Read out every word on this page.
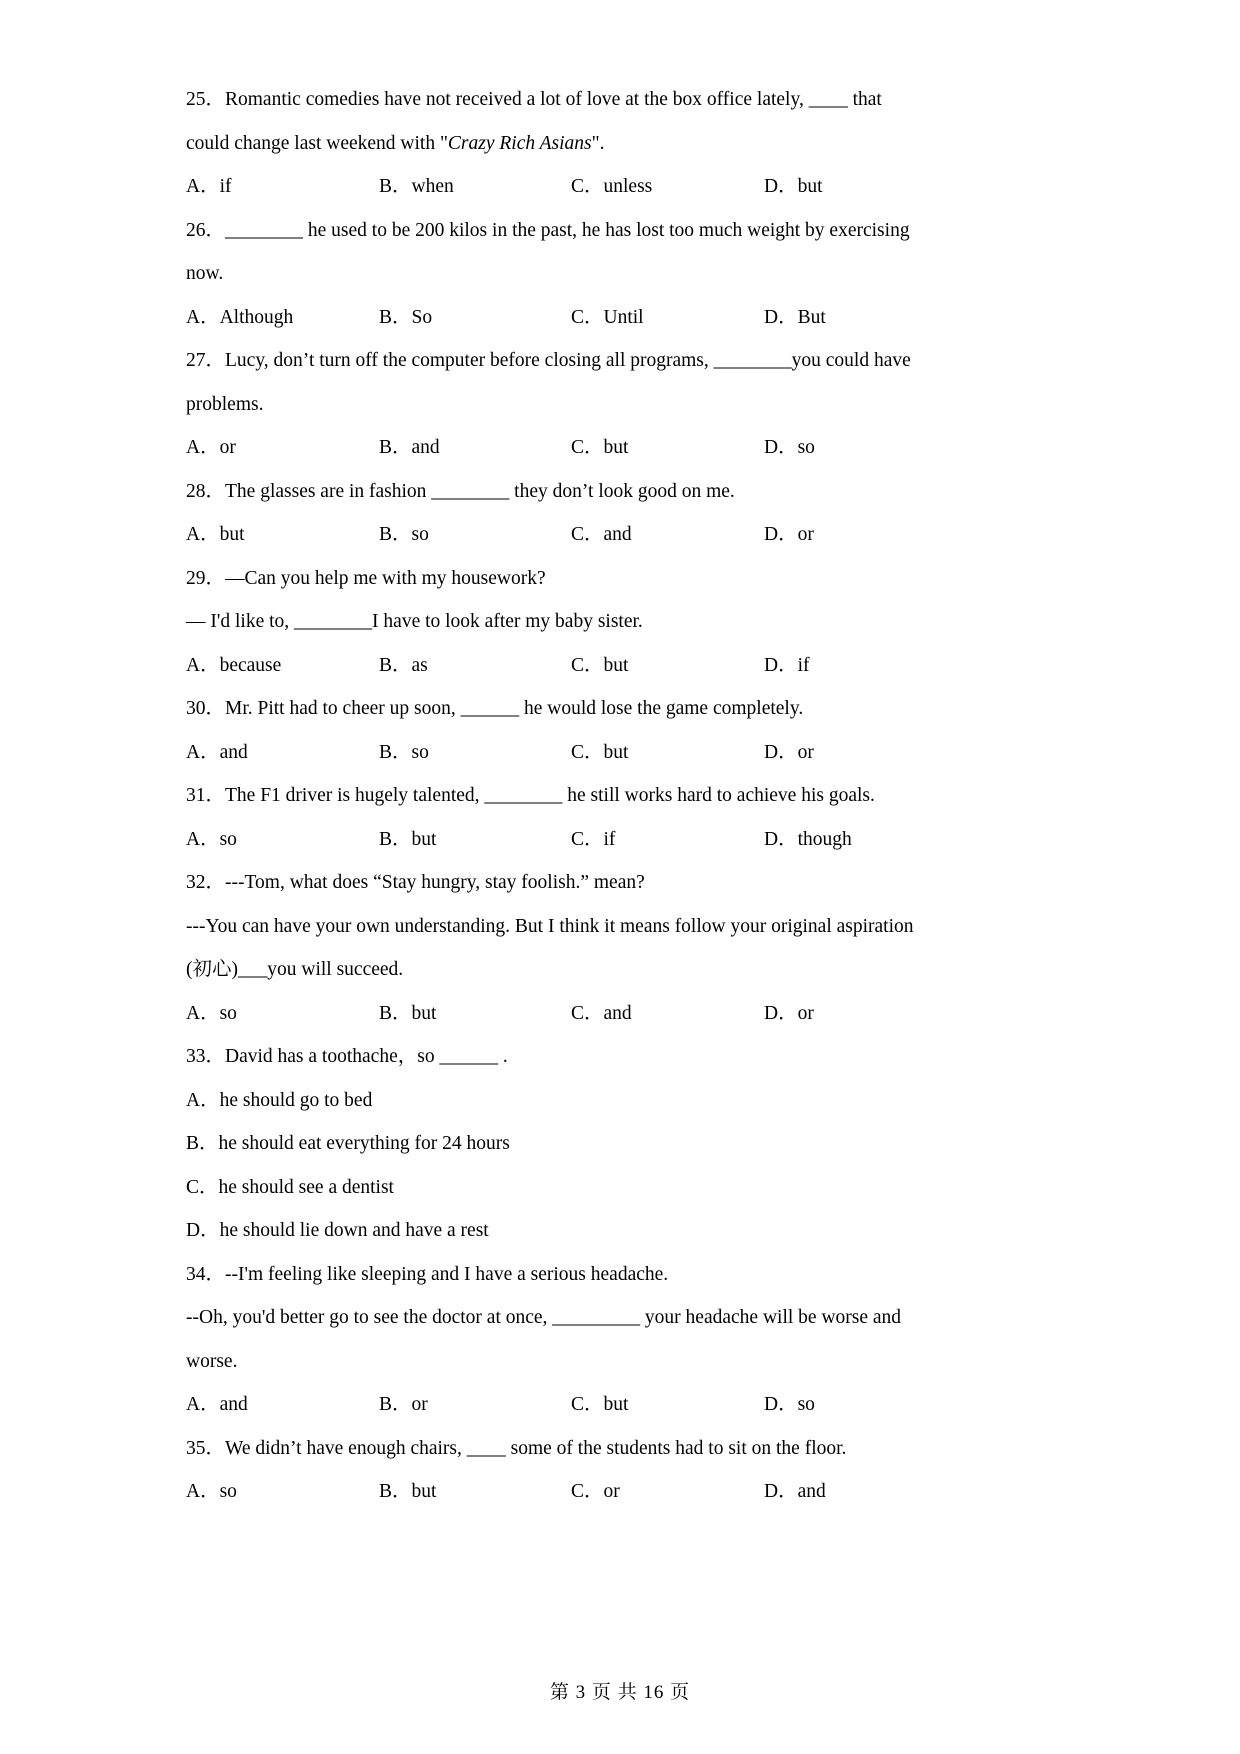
25．Romantic comedies have not received a lot of love at the box office lately, ____ that
could change last weekend with "Crazy Rich Asians".
A．if	B．when	C．unless	D．but
26．________ he used to be 200 kilos in the past, he has lost too much weight by exercising
now.
A．Although	B．So	C．Until	D．But
27．Lucy, don’t turn off the computer before closing all programs, ________you could have
problems.
A．or	B．and	C．but	D．so
28．The glasses are in fashion ________ they don’t look good on me.
A．but	B．so	C．and	D．or
29．—Can you help me with my housework?
— I'd like to, ________I have to look after my baby sister.
A．because	B．as	C．but	D．if
30．Mr. Pitt had to cheer up soon, ______ he would lose the game completely.
A．and	B．so	C．but	D．or
31．The F1 driver is hugely talented, ________ he still works hard to achieve his goals.
A．so	B．but	C．if	D．though
32．---Tom, what does “Stay hungry, stay foolish.” mean?
---You can have your own understanding. But I think it means follow your original aspiration
(初心)___you will succeed.
A．so	B．but	C．and	D．or
33．David has a toothache，so ______ .
A．he should go to bed
B．he should eat everything for 24 hours
C．he should see a dentist
D．he should lie down and have a rest
34．--I'm feeling like sleeping and I have a serious headache.
--Oh, you'd better go to see the doctor at once, _________ your headache will be worse and
worse.
A．and	B．or	C．but	D．so
35．We didn’t have enough chairs, ____ some of the students had to sit on the floor.
A．so	B．but	C．or	D．and
第 3 页 共 16 页
